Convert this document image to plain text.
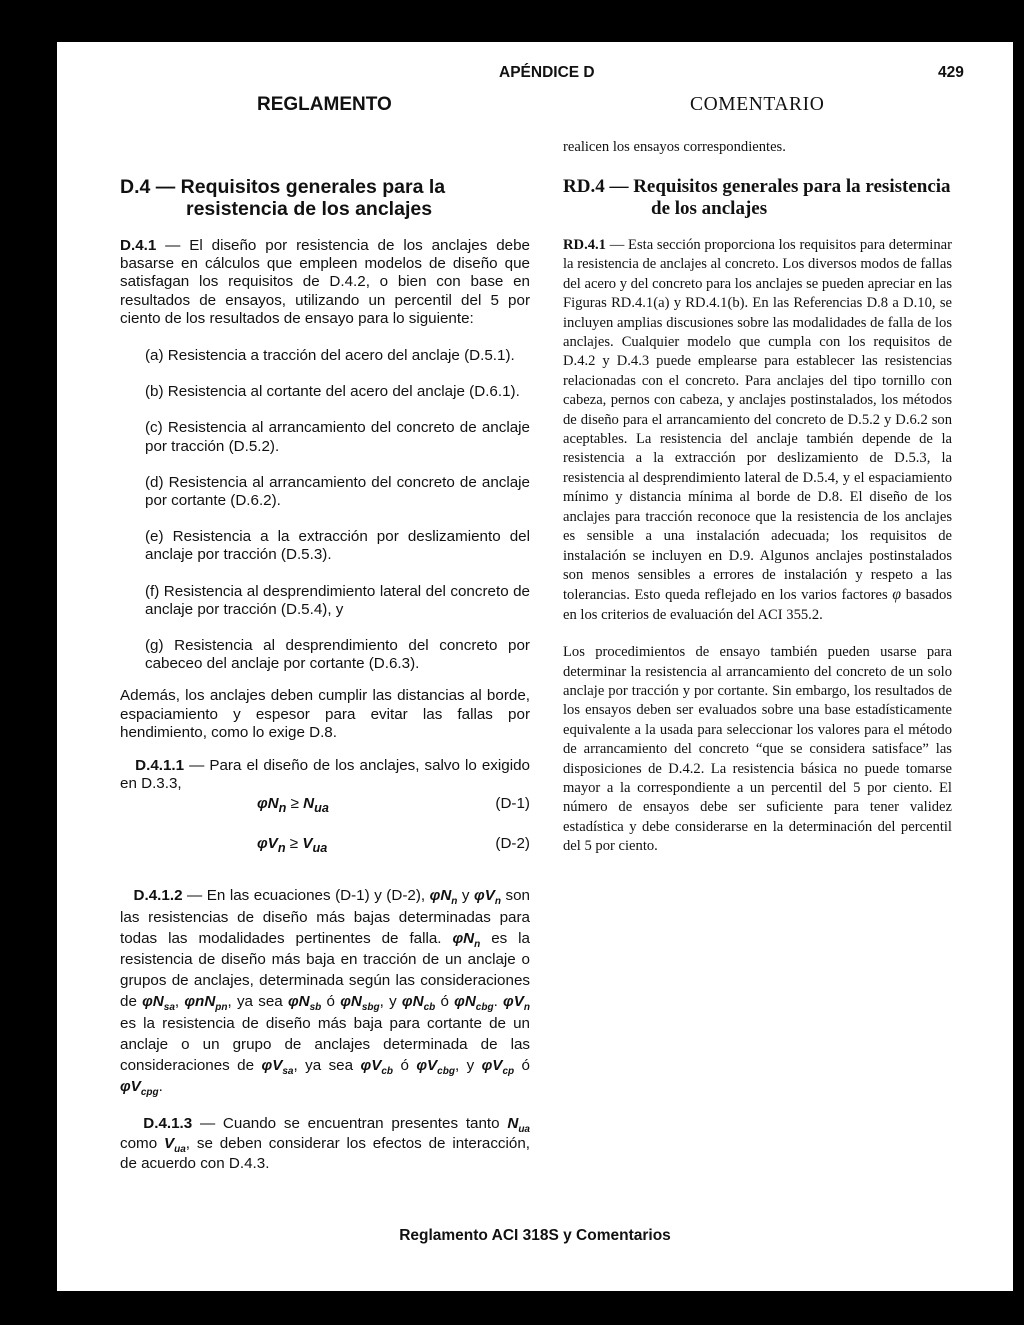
APÉNDICE D	429
REGLAMENTO	COMENTARIO
D.4 — Requisitos generales para la
resistencia de los anclajes

D.4.1 — El diseño por resistencia de los anclajes debe basarse en cálculos que empleen modelos de diseño que satisfagan los requisitos de D.4.2, o bien con base en resultados de ensayos, utilizando un percentil del 5 por ciento de los resultados de ensayo para lo siguiente:

(a) Resistencia a tracción del acero del anclaje (D.5.1).

(b) Resistencia al cortante del acero del anclaje (D.6.1).

(c) Resistencia al arrancamiento del concreto de anclaje por tracción (D.5.2).

(d) Resistencia al arrancamiento del concreto de anclaje por cortante (D.6.2).

(e) Resistencia a la extracción por deslizamiento del anclaje por tracción (D.5.3).

(f) Resistencia al desprendimiento lateral del concreto de anclaje por tracción (D.5.4), y

(g) Resistencia al desprendimiento del concreto por cabeceo del anclaje por cortante (D.6.3).

Además, los anclajes deben cumplir las distancias al borde, espaciamiento y espesor para evitar las fallas por hendimiento, como lo exige D.8.

D.4.1.1 — Para el diseño de los anclajes, salvo lo exigido en D.3.3,

$\varphi N_n \ge N_{ua}$	(D-1)
$\varphi V_n \ge V_{ua}$	(D-2)

D.4.1.2 — En las ecuaciones (D-1) y (D-2), $\varphi N_n$ y $\varphi V_n$ son las resistencias de diseño más bajas determinadas para todas las modalidades pertinentes de falla. $\varphi N_n$ es la resistencia de diseño más baja en tracción de un anclaje o grupos de anclajes, determinada según las consideraciones de $\varphi N_{sa}$, φnN$_{pn}$, ya sea $\varphi N_{sb}$ ó $\varphi N_{sbg}$, y $\varphi N_{cb}$ ó $\varphi N_{cbg}$. $\varphi V_n$ es la resistencia de diseño más baja para cortante de un anclaje o un grupo de anclajes determinada de las consideraciones de $\varphi V_{sa}$, ya sea $\varphi V_{cb}$ ó $\varphi V_{cbg}$, y $\varphi V_{cp}$ ó $\varphi V_{cpg}$.

D.4.1.3 — Cuando se encuentran presentes tanto $N_{ua}$ como $V_{ua}$, se deben considerar los efectos de interacción, de acuerdo con D.4.3.

realicen los ensayos correspondientes.
RD.4 — Requisitos generales para la resistencia
de los anclajes

RD.4.1 — Esta sección proporciona los requisitos para determinar la resistencia de anclajes al concreto. Los diversos modos de fallas del acero y del concreto para los anclajes se pueden apreciar en las Figuras RD.4.1(a) y RD.4.1(b). En las Referencias D.8 a D.10, se incluyen amplias discusiones sobre las modalidades de falla de los anclajes. Cualquier modelo que cumpla con los requisitos de D.4.2 y D.4.3 puede emplearse para establecer las resistencias relacionadas con el concreto. Para anclajes del tipo tornillo con cabeza, pernos con cabeza, y anclajes postinstalados, los métodos de diseño para el arrancamiento del concreto de D.5.2 y D.6.2 son aceptables. La resistencia del anclaje también depende de la resistencia a la extracción por deslizamiento de D.5.3, la resistencia al desprendimiento lateral de D.5.4, y el espaciamiento mínimo y distancia mínima al borde de D.8. El diseño de los anclajes para tracción reconoce que la resistencia de los anclajes es sensible a una instalación adecuada; los requisitos de instalación se incluyen en D.9. Algunos anclajes postinstalados son menos sensibles a errores de instalación y respeto a las tolerancias. Esto queda reflejado en los varios factores φ basados en los criterios de evaluación del ACI 355.2.

Los procedimientos de ensayo también pueden usarse para determinar la resistencia al arrancamiento del concreto de un solo anclaje por tracción y por cortante. Sin embargo, los resultados de los ensayos deben ser evaluados sobre una base estadísticamente equivalente a la usada para seleccionar los valores para el método de arrancamiento del concreto “que se considera satisface” las disposiciones de D.4.2. La resistencia básica no puede tomarse mayor a la correspondiente a un percentil del 5 por ciento. El número de ensayos debe ser suficiente para tener validez estadística y debe considerarse en la determinación del percentil del 5 por ciento.

Reglamento ACI 318S y Comentarios
